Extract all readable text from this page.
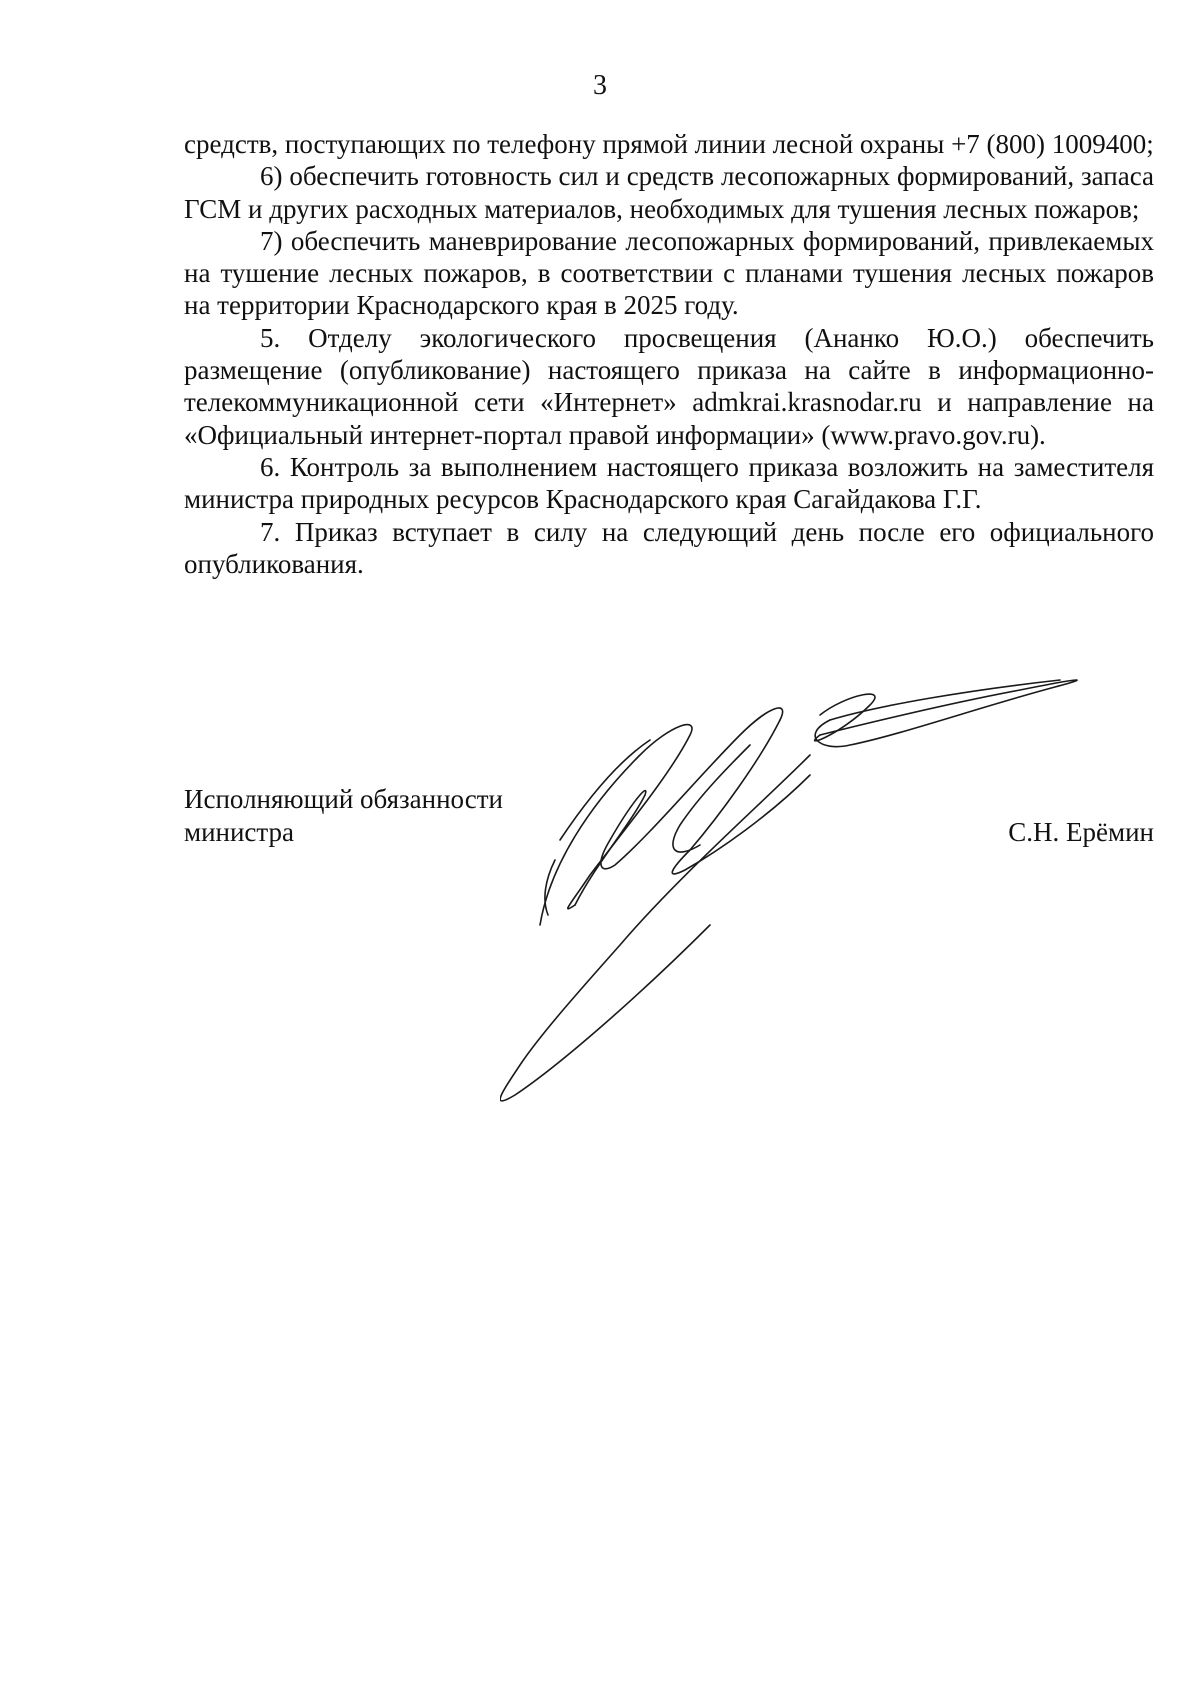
3

средств, поступающих по телефону прямой линии лесной охраны +7 (800) 1009400;

6) обеспечить готовность сил и средств лесопожарных формирований, запаса ГСМ и других расходных материалов, необходимых для тушения лесных пожаров;

7) обеспечить маневрирование лесопожарных формирований, привлекаемых на тушение лесных пожаров, в соответствии с планами тушения лесных пожаров на территории Краснодарского края в 2025 году.

5. Отделу экологического просвещения (Ананко Ю.О.) обеспечить размещение (опубликование) настоящего приказа на сайте в информационно-телекоммуникационной сети «Интернет» admkrai.krasnodar.ru и направление на «Официальный интернет-портал правой информации» (www.pravo.gov.ru).

6. Контроль за выполнением настоящего приказа возложить на заместителя министра природных ресурсов Краснодарского края Сагайдакова Г.Г.

7. Приказ вступает в силу на следующий день после его официального опубликования.

Исполняющий обязанности
министра	С.Н. Ерёмин
